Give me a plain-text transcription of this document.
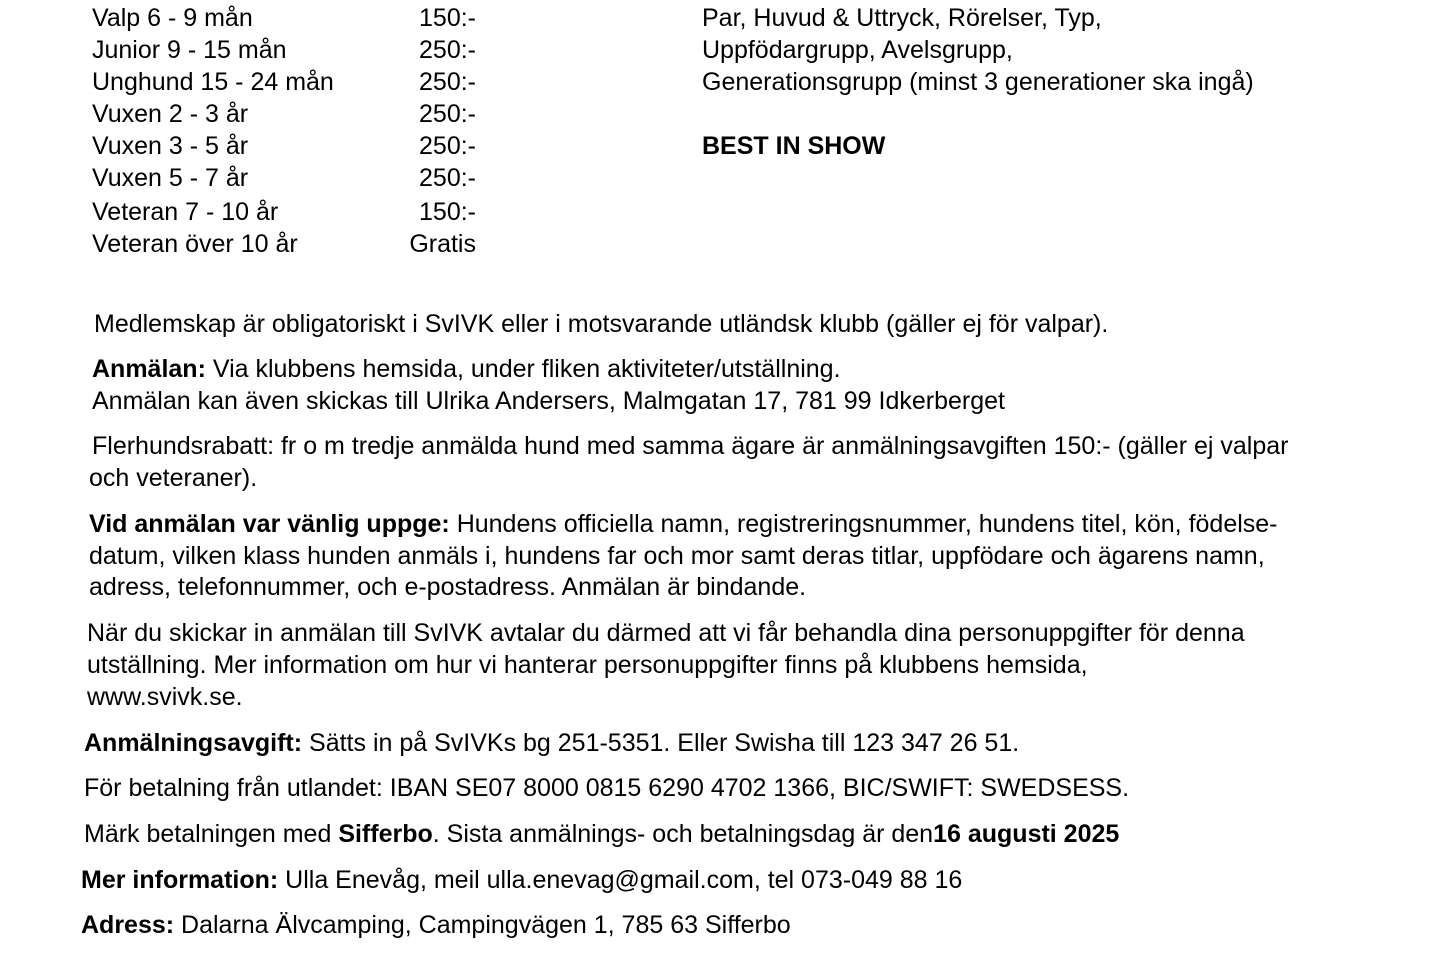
Valp 6 - 9 mån	150:-
Junior 9 - 15 mån	250:-
Unghund 15 - 24 mån	250:-
Vuxen 2 - 3 år	250:-
Vuxen 3 - 5 år	250:-
Vuxen 5 - 7 år	250:-
Veteran 7 - 10 år	150:-
Veteran över 10 år	Gratis
Par, Huvud & Uttryck, Rörelser, Typ,
Uppfödargrupp, Avelsgrupp,
Generationsgrupp (minst 3 generationer ska ingå)
BEST IN SHOW
Medlemskap är obligatoriskt i SvIVK eller i motsvarande utländsk klubb (gäller ej för valpar).
Anmälan: Via klubbens hemsida, under fliken aktiviteter/utställning.
Anmälan kan även skickas till Ulrika Andersers, Malmgatan 17, 781 99 Idkerberget
Flerhundsrabatt: fr o m tredje anmälda hund med samma ägare är anmälningsavgiften 150:- (gäller ej valpar
och veteraner).
Vid anmälan var vänlig uppge: Hundens officiella namn, registreringsnummer, hundens titel, kön, födelse-
datum, vilken klass hunden anmäls i, hundens far och mor samt deras titlar, uppfödare och ägarens namn,
adress, telefonnummer, och e-postadress. Anmälan är bindande.
När du skickar in anmälan till SvIVK avtalar du därmed att vi får behandla dina personuppgifter för denna
utställning. Mer information om hur vi hanterar personuppgifter finns på klubbens hemsida,
www.svivk.se.
Anmälningsavgift: Sätts in på SvIVKs bg 251-5351. Eller Swisha till 123 347 26 51.
För betalning från utlandet: IBAN SE07 8000 0815 6290 4702 1366, BIC/SWIFT: SWEDSESS.
Märk betalningen med Sifferbo. Sista anmälnings- och betalningsdag är den16 augusti 2025
Mer information: Ulla Enevåg, meil ulla.enevag@gmail.com, tel 073-049 88 16
Adress: Dalarna Älvcamping, Campingvägen 1, 785 63 Sifferbo
